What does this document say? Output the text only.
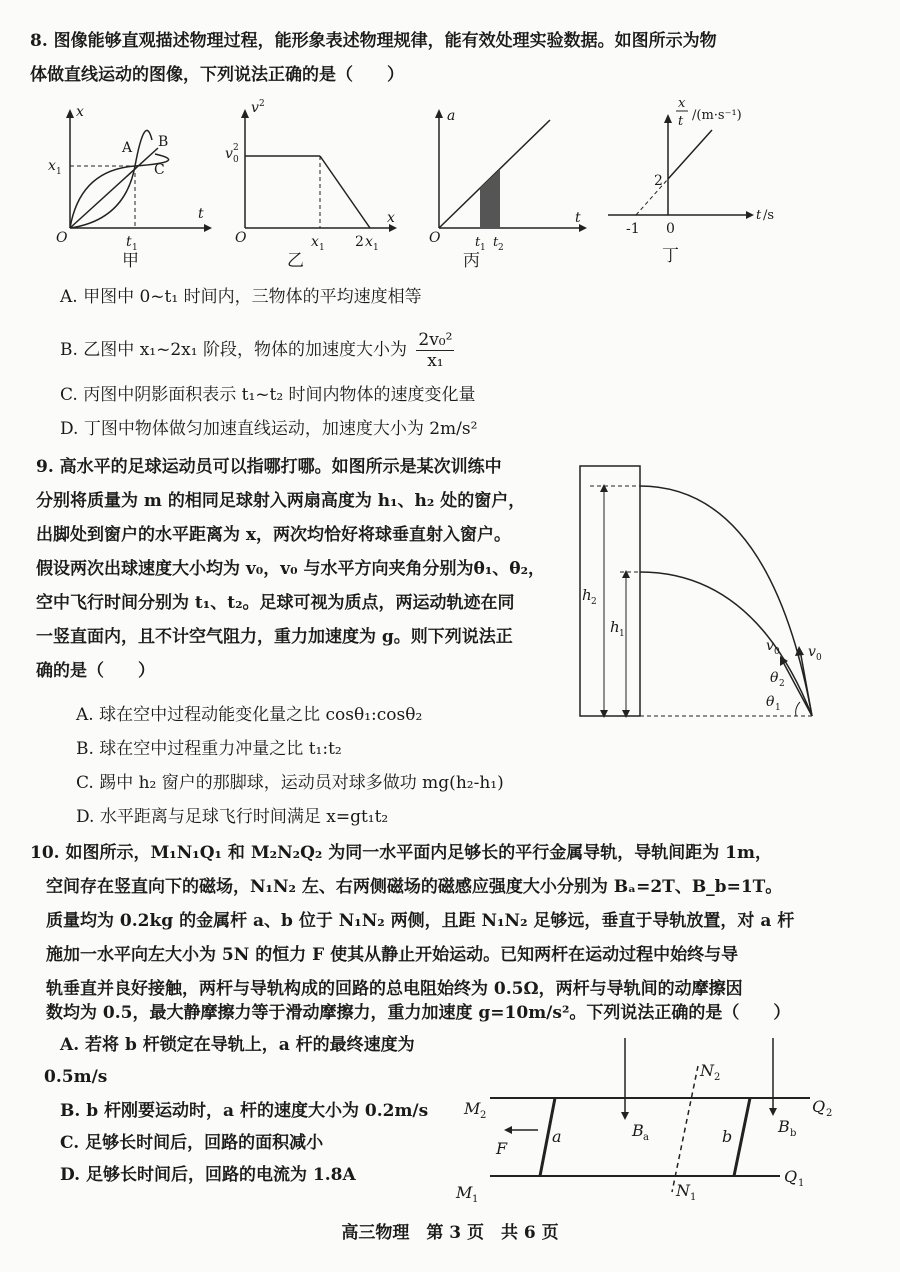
8. 图像能够直观描述物理过程，能形象表述物理规律，能有效处理实验数据。如图所示为物
体做直线运动的图像，下列说法正确的是（　　）
x
t
O
x 1
t 1
A B
C
甲
v 2
x
O
v 0
2
x 1 2 x 1
乙
a
t
O	t 1 t 2
丙
x
t /(m·s⁻¹)
t /s
2
-1 0
丁
A. 甲图中 0~t₁ 时间内，三物体的平均速度相等
B. 乙图中 x₁~2x₁ 阶段，物体的加速度大小为 $\frac{\text{2v₀²}}{\text{x₁}}$
C. 丙图中阴影面积表示 t₁~t₂ 时间内物体的速度变化量
D. 丁图中物体做匀加速直线运动，加速度大小为 2m/s²
9. 高水平的足球运动员可以指哪打哪。如图所示是某次训练中
分别将质量为 m 的相同足球射入两扇高度为 h₁、h₂ 处的窗户，
出脚处到窗户的水平距离为 x，两次均恰好将球垂直射入窗户。
假设两次出球速度大小均为 v₀，v₀ 与水平方向夹角分别为θ₁、θ₂，
空中飞行时间分别为 t₁、t₂。足球可视为质点，两运动轨迹在同
一竖直面内，且不计空气阻力，重力加速度为 g。则下列说法正
确的是（　　）
h 2
h 1
v 0 v 0
θ 2
θ 1
A. 球在空中过程动能变化量之比 cosθ₁:cosθ₂
B. 球在空中过程重力冲量之比 t₁:t₂
C. 踢中 h₂ 窗户的那脚球，运动员对球多做功 mg(h₂-h₁)
D. 水平距离与足球飞行时间满足 x=gt₁t₂
10. 如图所示，M₁N₁Q₁ 和 M₂N₂Q₂ 为同一水平面内足够长的平行金属导轨，导轨间距为 1m，
空间存在竖直向下的磁场，N₁N₂ 左、右两侧磁场的磁感应强度大小分别为 Bₐ=2T、B_b=1T。
质量均为 0.2kg 的金属杆 a、b 位于 N₁N₂ 两侧，且距 N₁N₂ 足够远，垂直于导轨放置，对 a 杆
施加一水平向左大小为 5N 的恒力 F 使其从静止开始运动。已知两杆在运动过程中始终与导
轨垂直并良好接触，两杆与导轨构成的回路的总电阻始终为 0.5Ω，两杆与导轨间的动摩擦因
数均为 0.5，最大静摩擦力等于滑动摩擦力，重力加速度 g=10m/s²。下列说法正确的是（　　）
A. 若将 b 杆锁定在导轨上，a 杆的最终速度为
0.5m/s
B. b 杆刚要运动时，a 杆的速度大小为 0.2m/s
C. 足够长时间后，回路的面积减小
D. 足够长时间后，回路的电流为 1.8A
M 2
M 1
Q 2
Q 1
N 2
N 1
a	b
F
B a
B b
高三物理　第 3 页　共 6 页
